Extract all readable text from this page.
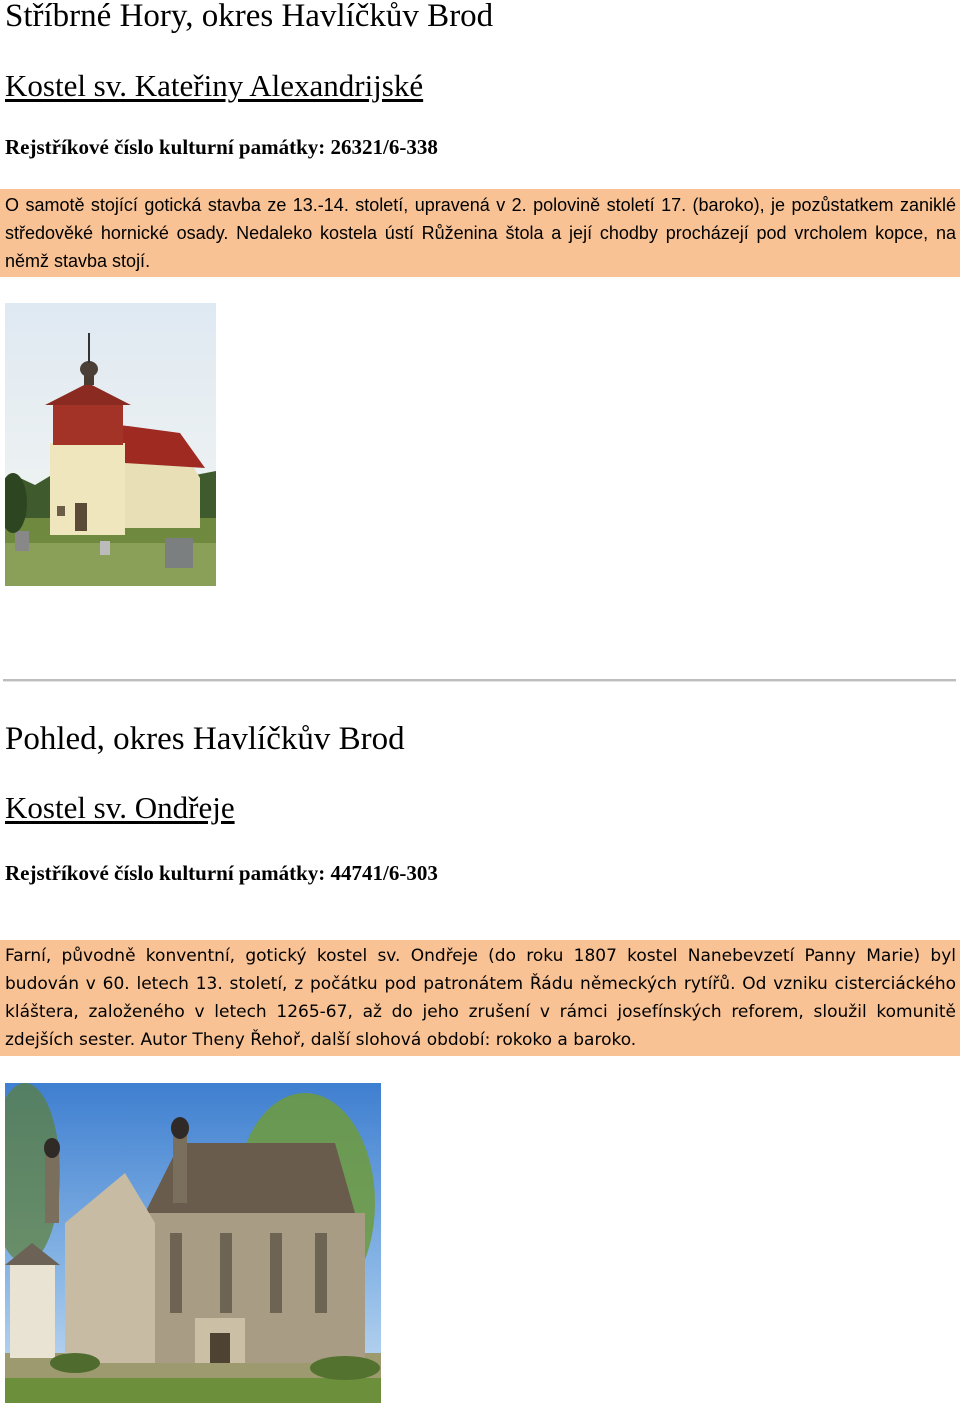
Stříbrné Hory, okres Havlíčkův Brod
Kostel sv. Kateřiny Alexandrijské
Rejstříkové číslo kulturní památky: 26321/6-338
O samotě stojící gotická stavba ze 13.-14. století, upravená v 2. polovině století 17. (baroko), je pozůstatkem zaniklé středověké hornické osady. Nedaleko kostela ústí Růženina štola a její chodby procházejí pod vrcholem kopce, na němž stavba stojí.
Pohled, okres Havlíčkův Brod
Kostel sv. Ondřeje
Rejstříkové číslo kulturní památky: 44741/6-303
Farní, původně konventní, gotický kostel sv. Ondřeje (do roku 1807 kostel Nanebevzetí Panny Marie) byl budován v 60. letech 13. století, z počátku pod patronátem Řádu německých rytířů. Od vzniku cisterciáckého kláštera, založeného v letech 1265-67, až do jeho zrušení v rámci josefínských reforem, sloužil komunitě zdejších sester. Autor Theny Řehoř, další slohová období: rokoko a baroko.
